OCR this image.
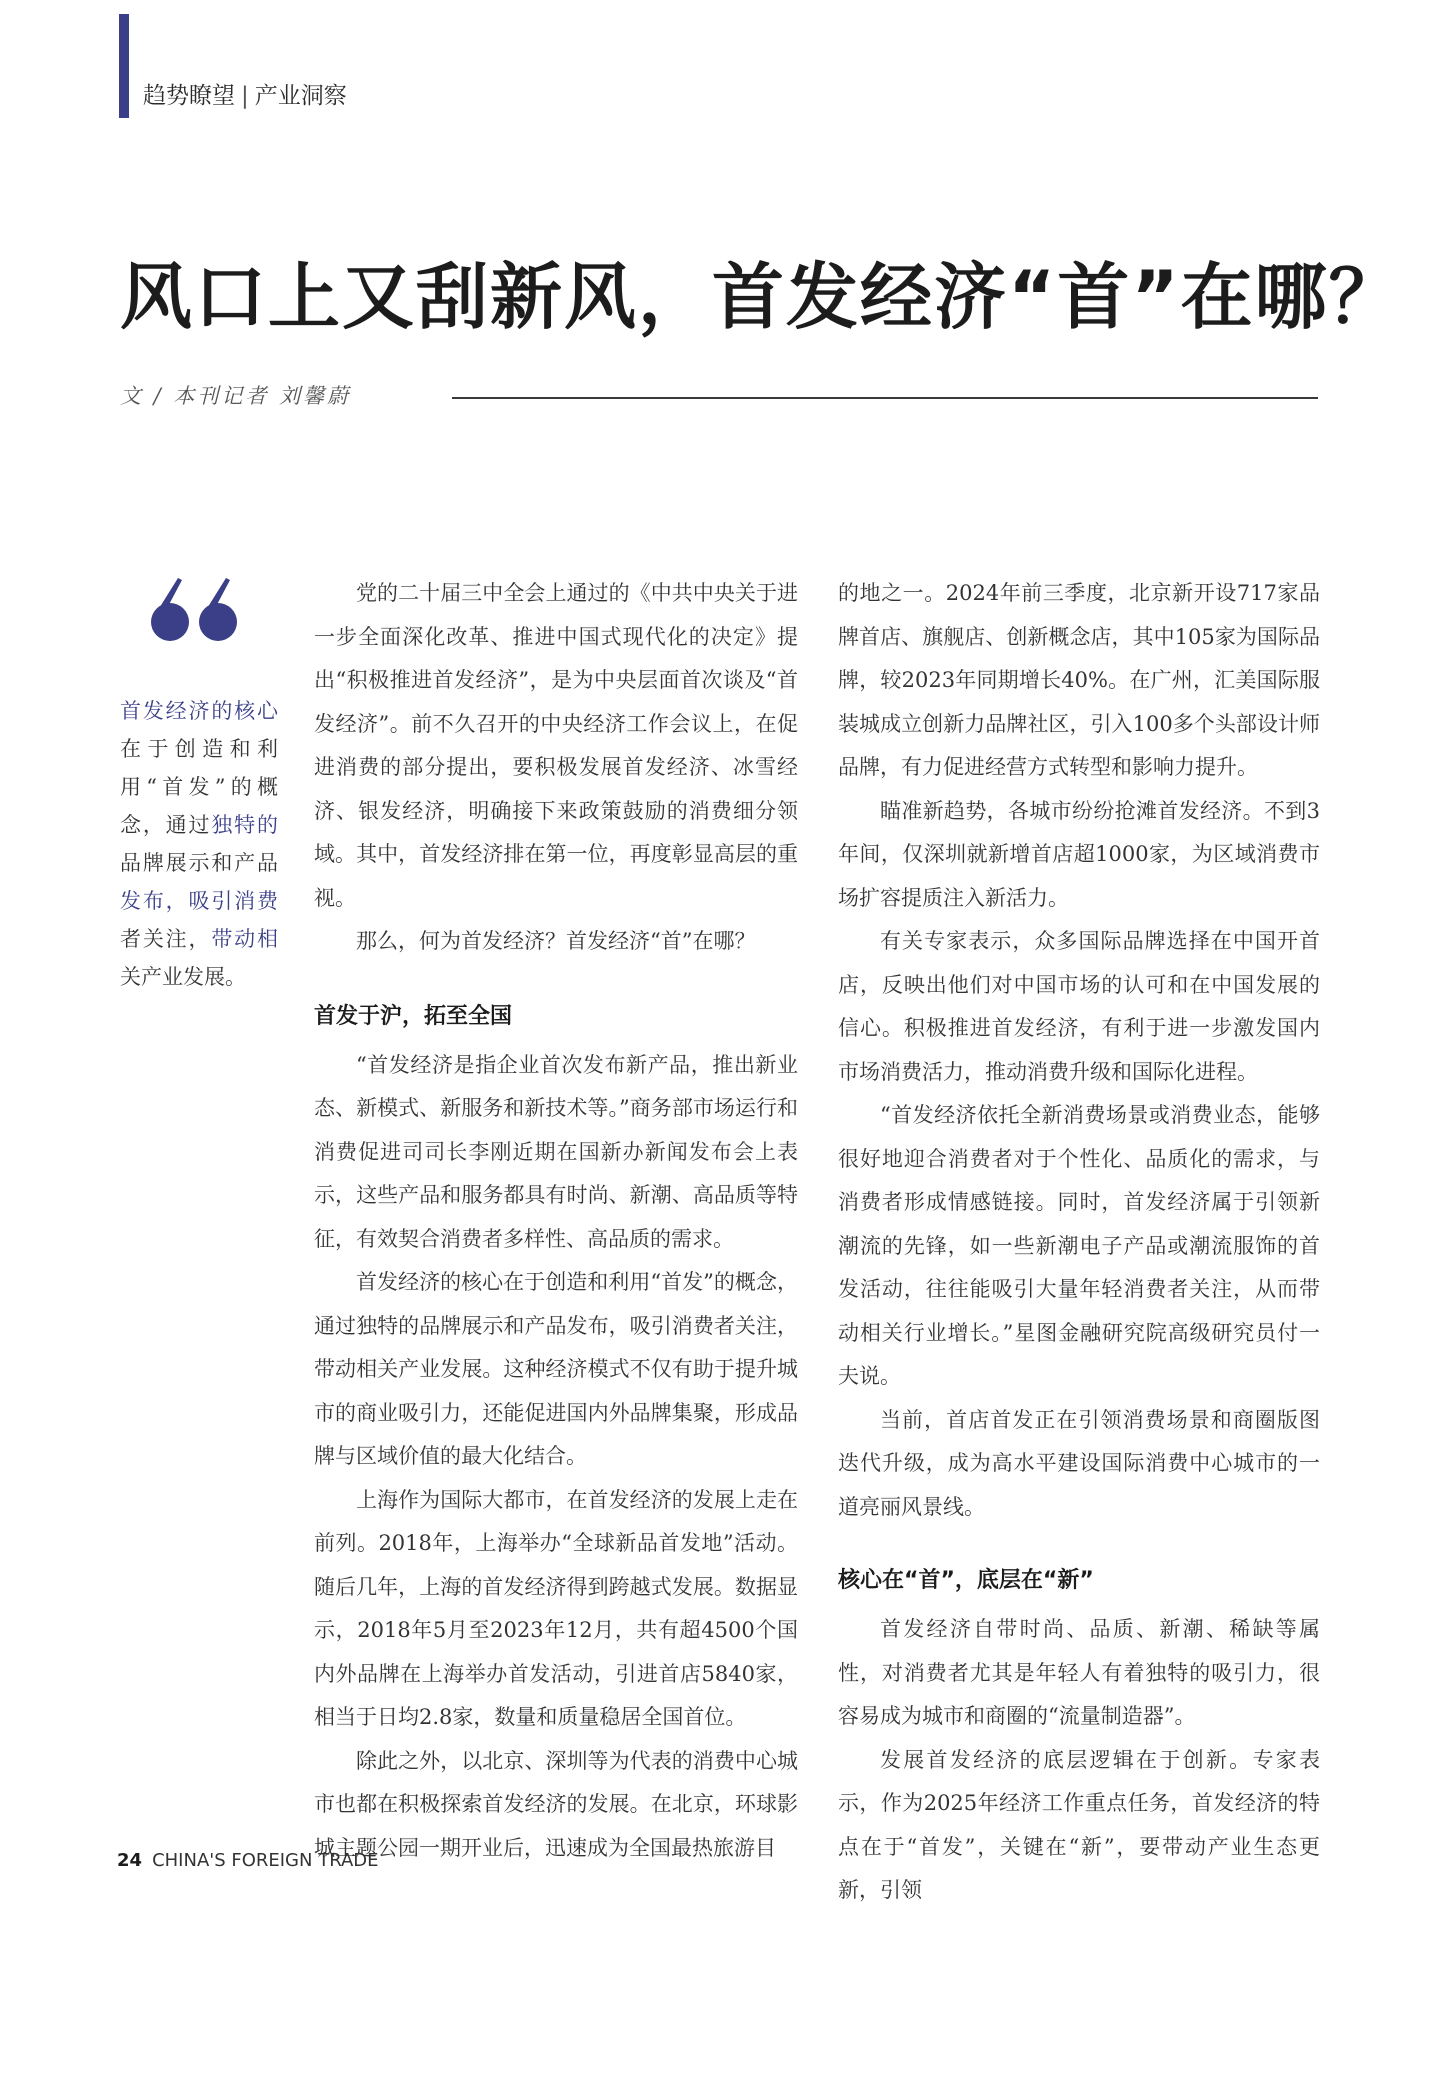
趋势瞭望 | 产业洞察
风口上又刮新风，首发经济“首”在哪？
文 / 本刊记者 刘馨蔚
首发经济的核心在于创造和利用“首发”的概念，通过独特的品牌展示和产品发布，吸引消费者关注，带动相关产业发展。

党的二十届三中全会上通过的《中共中央关于进一步全面深化改革、推进中国式现代化的决定》提出“积极推进首发经济”，是为中央层面首次谈及“首发经济”。前不久召开的中央经济工作会议上，在促进消费的部分提出，要积极发展首发经济、冰雪经济、银发经济，明确接下来政策鼓励的消费细分领域。其中，首发经济排在第一位，再度彰显高层的重视。

那么，何为首发经济？首发经济“首”在哪？

首发于沪，拓至全国

“首发经济是指企业首次发布新产品，推出新业态、新模式、新服务和新技术等。”商务部市场运行和消费促进司司长李刚近期在国新办新闻发布会上表示，这些产品和服务都具有时尚、新潮、高品质等特征，有效契合消费者多样性、高品质的需求。

首发经济的核心在于创造和利用“首发”的概念，通过独特的品牌展示和产品发布，吸引消费者关注，带动相关产业发展。这种经济模式不仅有助于提升城市的商业吸引力，还能促进国内外品牌集聚，形成品牌与区域价值的最大化结合。

上海作为国际大都市，在首发经济的发展上走在前列。2018年，上海举办“全球新品首发地”活动。随后几年，上海的首发经济得到跨越式发展。数据显示，2018年5月至2023年12月，共有超4500个国内外品牌在上海举办首发活动，引进首店5840家，相当于日均2.8家，数量和质量稳居全国首位。

除此之外，以北京、深圳等为代表的消费中心城市也都在积极探索首发经济的发展。在北京，环球影城主题公园一期开业后，迅速成为全国最热旅游目

的地之一。2024年前三季度，北京新开设717家品牌首店、旗舰店、创新概念店，其中105家为国际品牌，较2023年同期增长40%。在广州，汇美国际服装城成立创新力品牌社区，引入100多个头部设计师品牌，有力促进经营方式转型和影响力提升。

瞄准新趋势，各城市纷纷抢滩首发经济。不到3年间，仅深圳就新增首店超1000家，为区域消费市场扩容提质注入新活力。

有关专家表示，众多国际品牌选择在中国开首店，反映出他们对中国市场的认可和在中国发展的信心。积极推进首发经济，有利于进一步激发国内市场消费活力，推动消费升级和国际化进程。

“首发经济依托全新消费场景或消费业态，能够很好地迎合消费者对于个性化、品质化的需求，与消费者形成情感链接。同时，首发经济属于引领新潮流的先锋，如一些新潮电子产品或潮流服饰的首发活动，往往能吸引大量年轻消费者关注，从而带动相关行业增长。”星图金融研究院高级研究员付一夫说。

当前，首店首发正在引领消费场景和商圈版图迭代升级，成为高水平建设国际消费中心城市的一道亮丽风景线。

核心在“首”，底层在“新”

首发经济自带时尚、品质、新潮、稀缺等属性，对消费者尤其是年轻人有着独特的吸引力，很容易成为城市和商圈的“流量制造器”。

发展首发经济的底层逻辑在于创新。专家表示，作为2025年经济工作重点任务，首发经济的特点在于“首发”，关键在“新”，要带动产业生态更新，引领

24 CHINA'S FOREIGN TRADE
